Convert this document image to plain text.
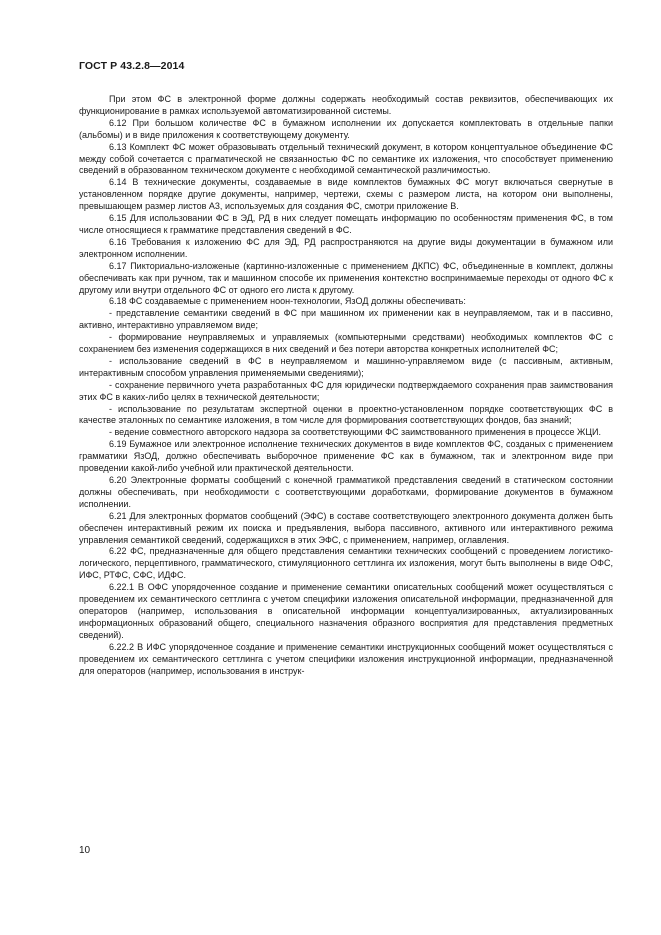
ГОСТ Р 43.2.8—2014

При этом ФС в электронной форме должны содержать необходимый состав реквизитов, обеспечивающих их функционирование в рамках используемой автоматизированной системы.

6.12 При большом количестве ФС в бумажном исполнении их допускается комплектовать в отдельные папки (альбомы) и в виде приложения к соответствующему документу.

6.13 Комплект ФС может образовывать отдельный технический документ, в котором концептуальное объединение ФС между собой сочетается с прагматической не связанностью ФС по семантике их изложения, что способствует применению сведений в образованном техническом документе с необходимой семантической различимостью.

6.14 В технические документы, создаваемые в виде комплектов бумажных ФС могут включаться свернутые в установленном порядке другие документы, например, чертежи, схемы с размером листа, на котором они выполнены, превышающем размер листов А3, используемых для создания ФС, смотри приложение В.

6.15 Для использовании ФС в ЭД, РД в них следует помещать информацию по особенностям применения ФС, в том числе относящиеся к грамматике представления сведений в ФС.

6.16 Требования к изложению ФС для ЭД, РД распространяются на другие виды документации в бумажном или электронном исполнении.

6.17 Пикториально-изложеные (картинно-изложенные с применением ДКПС) ФС, объединенные в комплект, должны обеспечивать как при ручном, так и машинном способе их применения контекстно воспринимаемые переходы от одного ФС к другому или внутри отдельного ФС от одного его листа к другому.

6.18 ФС создаваемые с применением ноон-технологии, ЯзОД должны обеспечивать:

- представление семантики сведений в ФС при машинном их применении как в неуправляемом, так и в пассивно, активно, интерактивно управляемом виде;

- формирование неуправляемых и управляемых (компьютерными средствами) необходимых комплектов ФС с сохранением без изменения содержащихся в них сведений и без потери авторства конкретных исполнителей ФС;

- использование сведений в ФС в неуправляемом и машинно-управляемом виде (с пассивным, активным, интерактивным способом управления применяемыми сведениями);

- сохранение первичного учета разработанных ФС для юридически подтверждаемого сохранения прав заимствования этих ФС в каких-либо целях в технической деятельности;

- использование по результатам экспертной оценки в проектно-установленном порядке соответствующих ФС в качестве эталонных по семантике изложения, в том числе для формирования соответствующих фондов, баз знаний;

- ведение совместного авторского надзора за соответствующими ФС заимствованного применения в процессе ЖЦИ.

6.19 Бумажное или электронное исполнение технических документов в виде комплектов ФС, созданых с применением грамматики ЯзОД, должно обеспечивать выборочное применение ФС как в бумажном, так и электронном виде при проведении какой-либо учебной или практической деятельности.

6.20 Электронные форматы сообщений с конечной грамматикой представления сведений в статическом состоянии должны обеспечивать, при необходимости с соответствующими доработками, формирование документов в бумажном исполнении.

6.21 Для электронных форматов сообщений (ЭФС) в составе соответствующего электронного документа должен быть обеспечен интерактивный режим их поиска и предъявления, выбора пассивного, активного или интерактивного режима управления семантикой сведений, содержащихся в этих ЭФС, с применением, например, оглавления.

6.22 ФС, предназначенные для общего представления семантики технических сообщений с проведением логистико-логического, перцептивного, грамматического, стимуляционного сеттлинга их изложения, могут быть выполнены в виде ОФС, ИФС, РТФС, СФС, ИДФС.

6.22.1 В ОФС упорядоченное создание и применение семантики описательных сообщений может осуществляться с проведением их семантического сеттлинга с учетом специфики изложения описательной информации, предназначенной для операторов (например, использования в описательной информации концептуализированных, актуализированных информационных образований общего, специального назначения образного восприятия для представления предметных сведений).

6.22.2 В ИФС упорядоченное создание и применение семантики инструкционных сообщений может осуществляться с проведением их семантического сеттлинга с учетом специфики изложения инструкционной информации, предназначенной для операторов (например, использования в инструк-

10
